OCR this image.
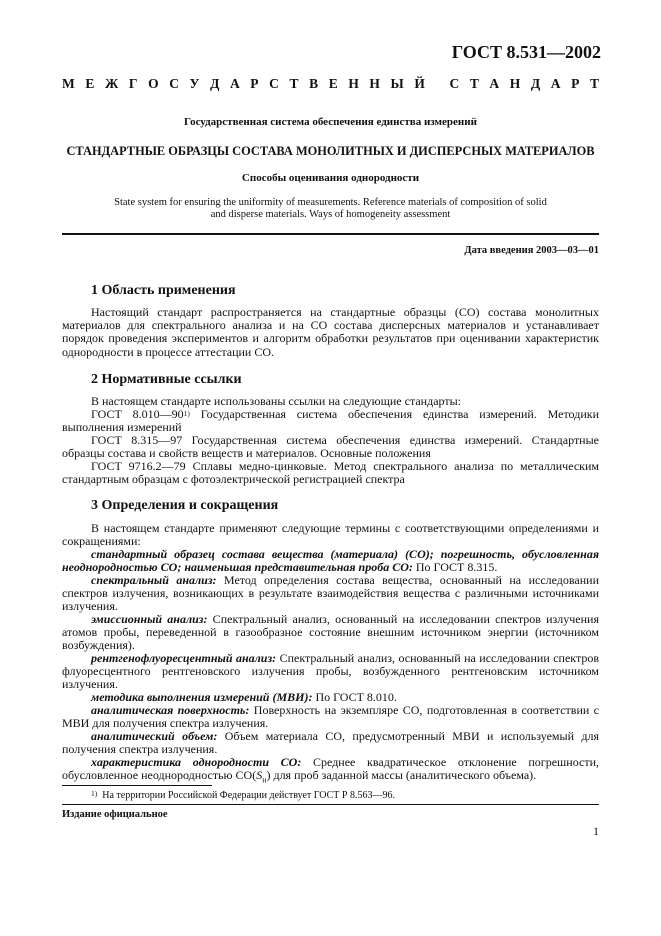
ГОСТ 8.531—2002
М Е Ж Г О С У Д А Р С Т В Е Н Н Ы Й
С Т А Н Д А Р Т
Государственная система обеспечения единства измерений
СТАНДАРТНЫЕ ОБРАЗЦЫ СОСТАВА МОНОЛИТНЫХ И ДИСПЕРСНЫХ МАТЕРИАЛОВ
Способы оценивания однородности
State system for ensuring the uniformity of measurements. Reference materials of composition of solid
and disperse materials. Ways of homogeneity assessment
Дата введения 2003—03—01
1 Область применения
Настоящий стандарт распространяется на стандартные образцы (СО) состава монолитных материалов для спектрального анализа и на СО состава дисперсных материалов и устанавливает порядок проведения экспериментов и алгоритм обработки результатов при оценивании характеристик однородности в процессе аттестации СО.
2 Нормативные ссылки
В настоящем стандарте использованы ссылки на следующие стандарты:
ГОСТ 8.010—90$^{1)}$ Государственная система обеспечения единства измерений. Методики выполнения измерений
ГОСТ 8.315—97 Государственная система обеспечения единства измерений. Стандартные образцы состава и свойств веществ и материалов. Основные положения
ГОСТ 9716.2—79 Сплавы медно-цинковые. Метод спектрального анализа по металлическим стандартным образцам с фотоэлектрической регистрацией спектра
3 Определения и сокращения
В настоящем стандарте применяют следующие термины с соответствующими определениями и сокращениями:
стандартный образец состава вещества (материала) (СО); погрешность, обусловленная неоднородностью СО; наименьшая представительная проба СО: По ГОСТ 8.315.
спектральный анализ: Метод определения состава вещества, основанный на исследовании спектров излучения, возникающих в результате взаимодействия вещества с различными источниками излучения.
эмиссионный анализ: Спектральный анализ, основанный на исследовании спектров излучения атомов пробы, переведенной в газообразное состояние внешним источником энергии (источником возбуждения).
рентгенофлуоресцентный анализ: Спектральный анализ, основанный на исследовании спектров флуоресцентного рентгеновского излучения пробы, возбужденного рентгеновским источником излучения.
методика выполнения измерений (МВИ): По ГОСТ 8.010.
аналитическая поверхность: Поверхность на экземпляре СО, подготовленная в соответствии с МВИ для получения спектра излучения.
аналитический объем: Объем материала СО, предусмотренный МВИ и используемый для получения спектра излучения.
характеристика однородности СО: Среднее квадратическое отклонение погрешности, обусловленное неоднородностью $СО(S_н)$ для проб заданной массы (аналитического объема).
$^{1)}$ На территории Российской Федерации действует ГОСТ Р 8.563—96.
Издание официальное
1
